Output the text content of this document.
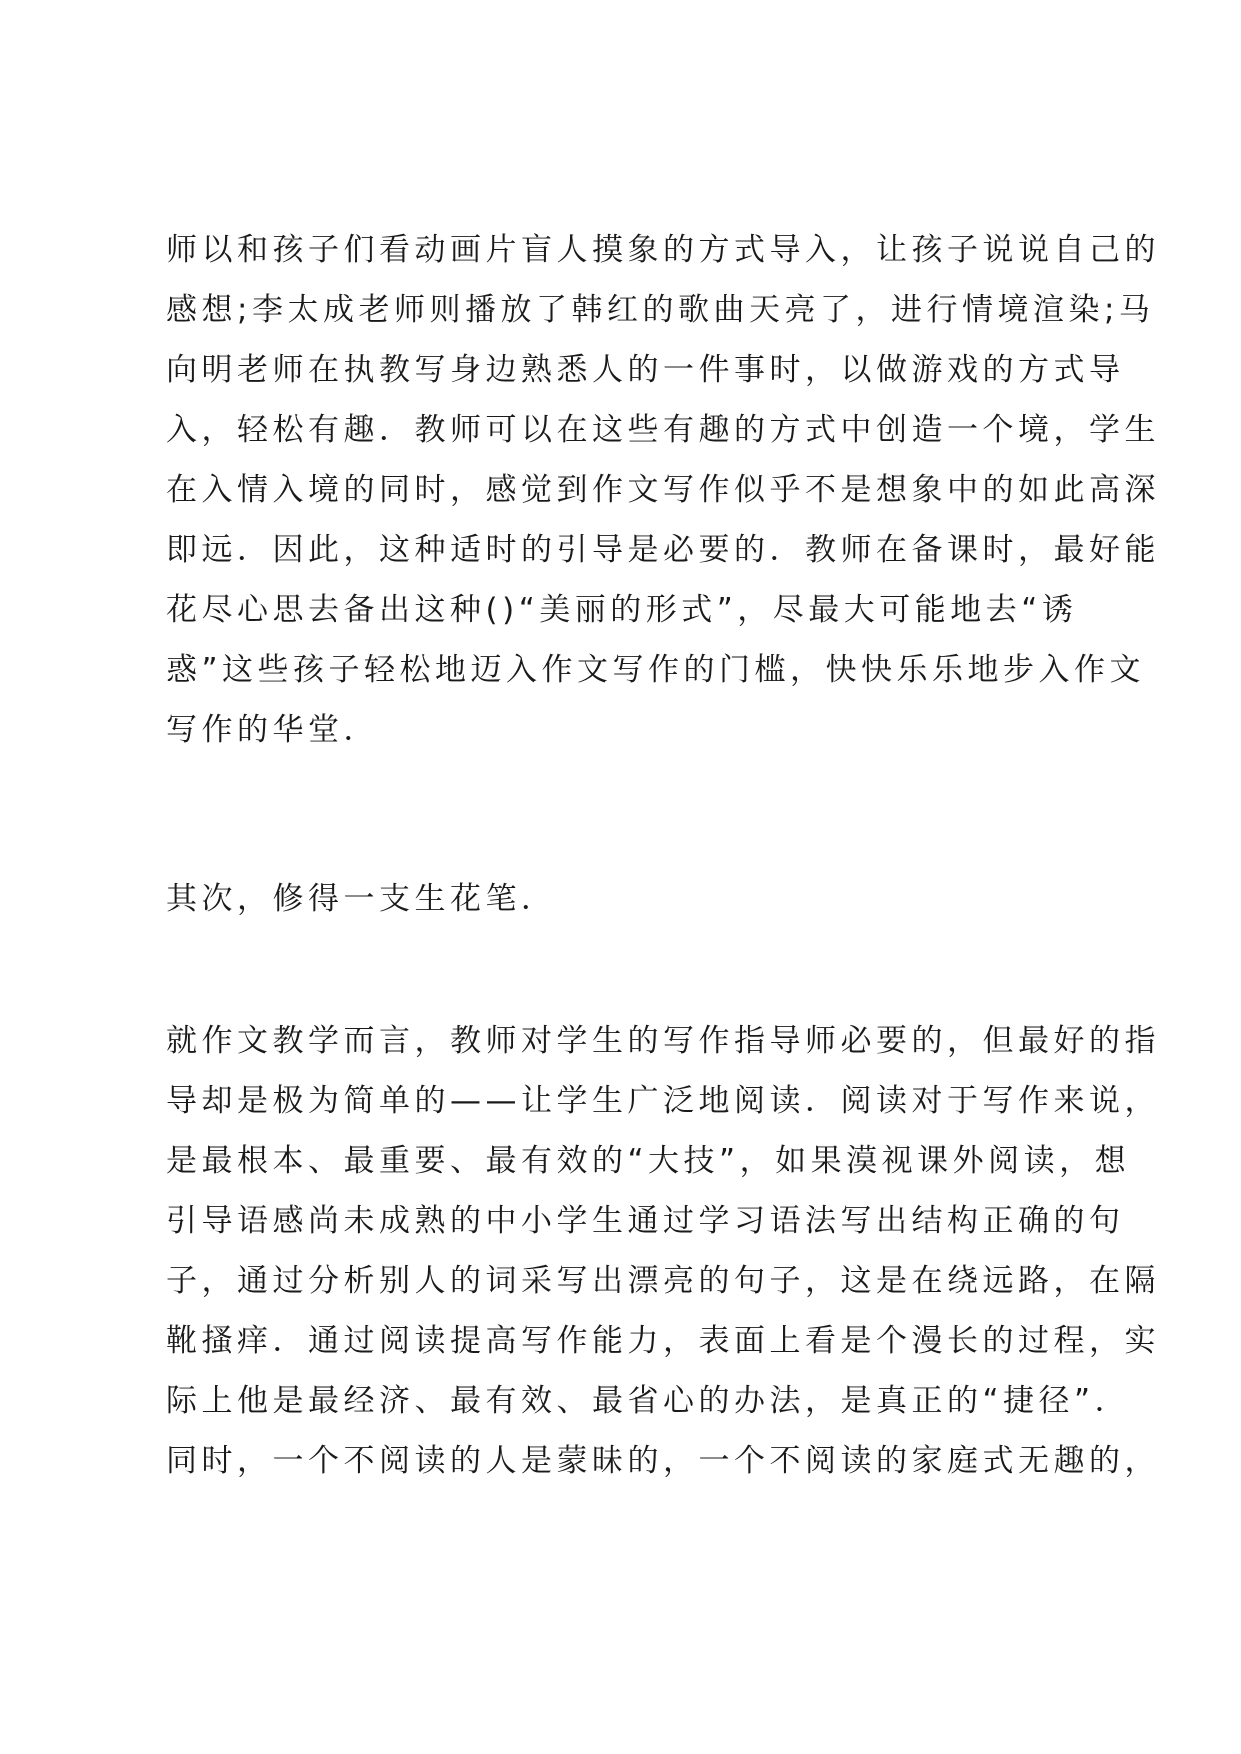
师以和孩子们看动画片盲人摸象的方式导入，让孩子说说自己的
感想;李太成老师则播放了韩红的歌曲天亮了，进行情境渲染;马
向明老师在执教写身边熟悉人的一件事时，以做游戏的方式导
入，轻松有趣．教师可以在这些有趣的方式中创造一个境，学生
在入情入境的同时，感觉到作文写作似乎不是想象中的如此高深
即远．因此，这种适时的引导是必要的．教师在备课时，最好能
花尽心思去备出这种()“美丽的形式”，尽最大可能地去“诱
惑”这些孩子轻松地迈入作文写作的门槛，快快乐乐地步入作文
写作的华堂．
其次，修得一支生花笔．
就作文教学而言，教师对学生的写作指导师必要的，但最好的指
导却是极为简单的——让学生广泛地阅读．阅读对于写作来说，
是最根本、最重要、最有效的“大技”，如果漠视课外阅读，想
引导语感尚未成熟的中小学生通过学习语法写出结构正确的句
子，通过分析别人的词采写出漂亮的句子，这是在绕远路，在隔
靴搔痒．通过阅读提高写作能力，表面上看是个漫长的过程，实
际上他是最经济、最有效、最省心的办法，是真正的“捷径”．
同时，一个不阅读的人是蒙昧的，一个不阅读的家庭式无趣的，
